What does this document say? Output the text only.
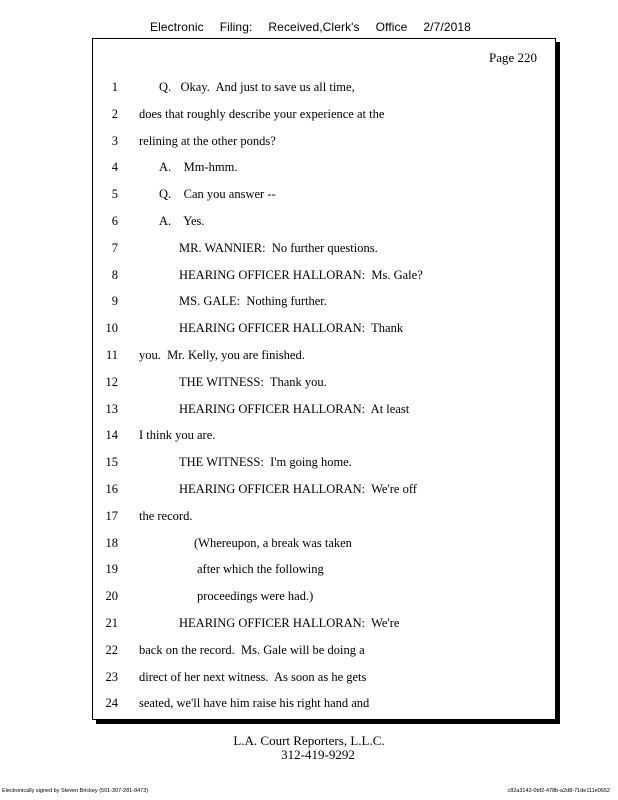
Electronic Filing: Received,Clerk's Office 2/7/2018
Page 220
1	Q.   Okay.  And just to save us all time,
2 does that roughly describe your experience at the
3 relining at the other ponds?
4	A.    Mm-hmm.
5	Q.    Can you answer --
6	A.    Yes.
7	MR. WANNIER:  No further questions.
8	HEARING OFFICER HALLORAN:  Ms. Gale?
9	MS. GALE:  Nothing further.
10	HEARING OFFICER HALLORAN:  Thank
11 you.  Mr. Kelly, you are finished.
12	THE WITNESS:  Thank you.
13	HEARING OFFICER HALLORAN:  At least
14 I think you are.
15	THE WITNESS:  I'm going home.
16	HEARING OFFICER HALLORAN:  We're off
17 the record.
18	(Whereupon, a break was taken
19	after which the following
20	proceedings were had.)
21	HEARING OFFICER HALLORAN:  We're
22 back on the record.  Ms. Gale will be doing a
23 direct of her next witness.  As soon as he gets
24 seated, we'll have him raise his right hand and
L.A. Court Reporters, L.L.C.
312-419-9292
Electronically signed by Steven Brickey (501-307-281-8473)	c82a3143-0bf2-478b-a2d8-71de111e0652
